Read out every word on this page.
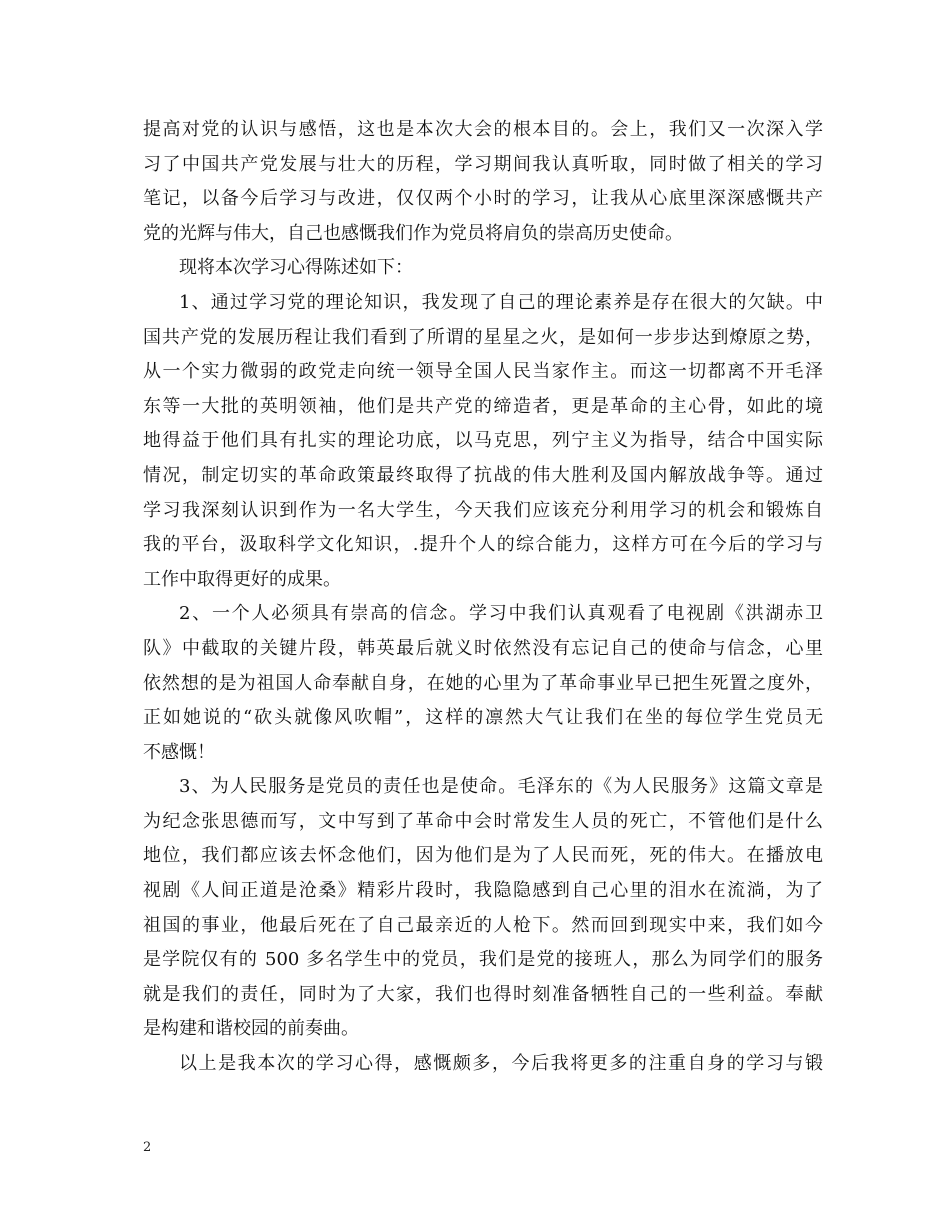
提高对党的认识与感悟，这也是本次大会的根本目的。会上，我们又一次深入学
习了中国共产党发展与壮大的历程，学习期间我认真听取，同时做了相关的学习
笔记，以备今后学习与改进，仅仅两个小时的学习，让我从心底里深深感慨共产
党的光辉与伟大，自己也感慨我们作为党员将肩负的崇高历史使命。
现将本次学习心得陈述如下：
1、通过学习党的理论知识，我发现了自己的理论素养是存在很大的欠缺。中
国共产党的发展历程让我们看到了所谓的星星之火，是如何一步步达到燎原之势，
从一个实力微弱的政党走向统一领导全国人民当家作主。而这一切都离不开毛泽
东等一大批的英明领袖，他们是共产党的缔造者，更是革命的主心骨，如此的境
地得益于他们具有扎实的理论功底，以马克思，列宁主义为指导，结合中国实际
情况，制定切实的革命政策最终取得了抗战的伟大胜利及国内解放战争等。通过
学习我深刻认识到作为一名大学生，今天我们应该充分利用学习的机会和锻炼自
我的平台，汲取科学文化知识，.提升个人的综合能力，这样方可在今后的学习与
工作中取得更好的成果。
2、一个人必须具有崇高的信念。学习中我们认真观看了电视剧《洪湖赤卫
队》中截取的关键片段，韩英最后就义时依然没有忘记自己的使命与信念，心里
依然想的是为祖国人命奉献自身，在她的心里为了革命事业早已把生死置之度外，
正如她说的“砍头就像风吹帽”，这样的凛然大气让我们在坐的每位学生党员无
不感慨！
3、为人民服务是党员的责任也是使命。毛泽东的《为人民服务》这篇文章是
为纪念张思德而写，文中写到了革命中会时常发生人员的死亡，不管他们是什么
地位，我们都应该去怀念他们，因为他们是为了人民而死，死的伟大。在播放电
视剧《人间正道是沧桑》精彩片段时，我隐隐感到自己心里的泪水在流淌，为了
祖国的事业，他最后死在了自己最亲近的人枪下。然而回到现实中来，我们如今
是学院仅有的 500 多名学生中的党员，我们是党的接班人，那么为同学们的服务
就是我们的责任，同时为了大家，我们也得时刻准备牺牲自己的一些利益。奉献
是构建和谐校园的前奏曲。
以上是我本次的学习心得，感慨颇多，今后我将更多的注重自身的学习与锻
2
